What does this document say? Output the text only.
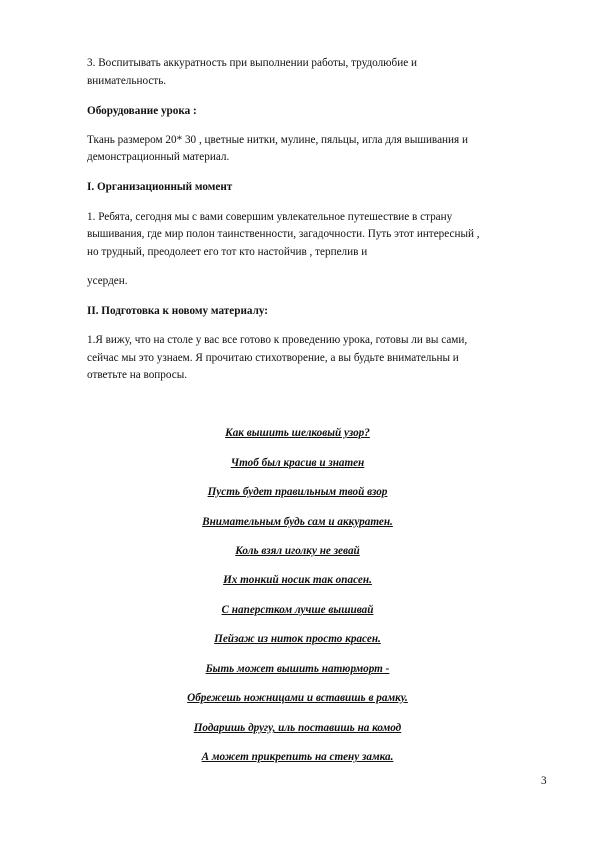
3. Воспитывать аккуратность при выполнении работы, трудолюбие и

внимательность.

Оборудование урока :

Ткань размером 20* 30 , цветные нитки, мулине, пяльцы, игла для вышивания и

демонстрационный материал.

I. Организационный момент

1. Ребята, сегодня мы с вами совершим увлекательное путешествие в страну

вышивания, где мир полон таинственности, загадочности. Путь этот интересный ,

но трудный, преодолеет его тот кто настойчив , терпелив и

усерден.

II. Подготовка к новому материалу:

1.Я вижу, что на столе у вас все готово к проведению урока, готовы ли вы сами,

сейчас мы это узнаем. Я прочитаю стихотворение, а вы будьте внимательны и

ответьте на вопросы.

Как вышить шелковый узор?

Чтоб был красив и знатен

Пусть будет правильным твой взор

Внимательным будь сам и аккуратен.

Коль взял иголку не зевай

Их тонкий носик так опасен.

С наперстком лучше вышивай

Пейзаж из ниток просто красен.

Быть может вышить натюрморт -

Обрежешь ножницами и вставишь в рамку.

Подаришь другу, иль поставишь на комод

А может прикрепить на стену замка.

3
